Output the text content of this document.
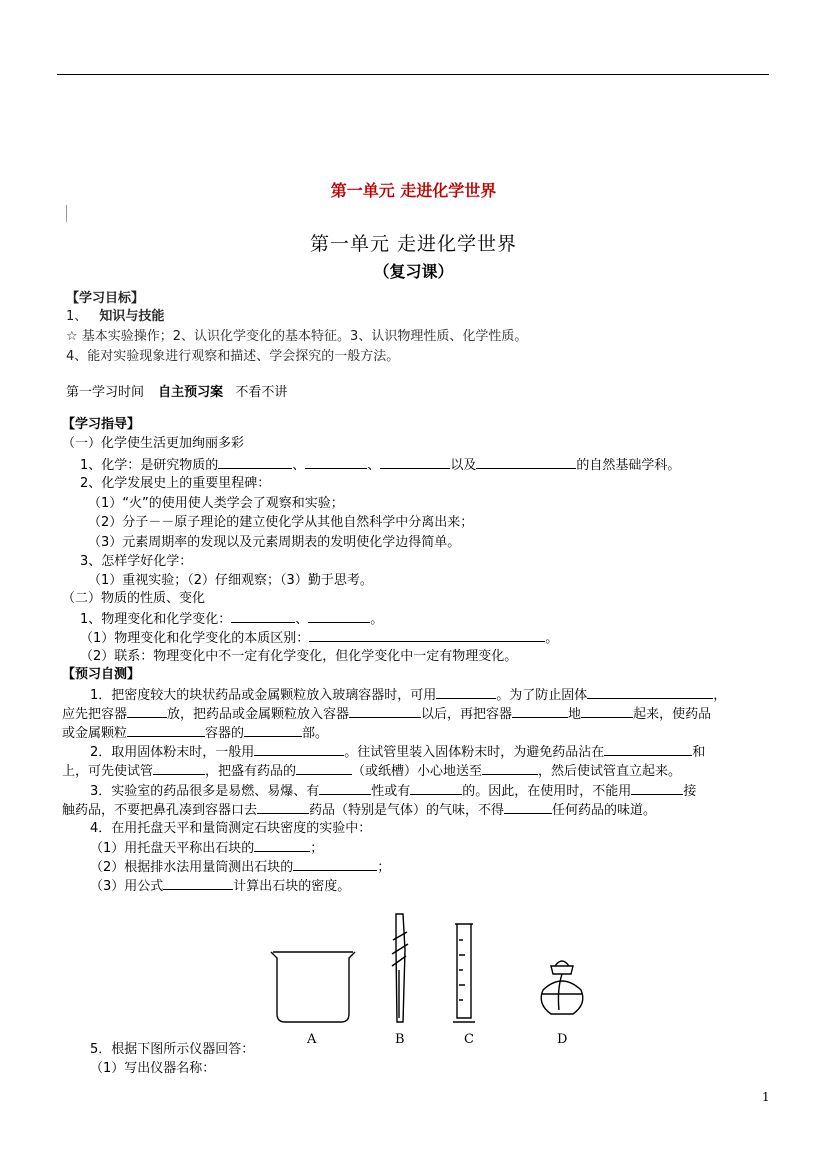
第一单元 走进化学世界
第一单元 走进化学世界
（复习课）
【学习目标】
1、 知识与技能
☆ 基本实验操作；2、认识化学变化的基本特征。3、认识物理性质、化学性质。
4、能对实验现象进行观察和描述、学会探究的一般方法。
第一学习时间 自主预习案 不看不讲
【学习指导】
（一）化学使生活更加绚丽多彩
1、化学：是研究物质的	、	、	以及	的自然基础学科。
2、化学发展史上的重要里程碑：
（1）“火”的使用使人类学会了观察和实验；
（2）分子－－原子理论的建立使化学从其他自然科学中分离出来；
（3）元素周期率的发现以及元素周期表的发明使化学边得简单。
3、怎样学好化学：
（1）重视实验；（2）仔细观察；（3）勤于思考。
（二）物质的性质、变化
1、物理变化和化学变化：	、	。
（1）物理变化和化学变化的本质区别：	。
（2）联系：物理变化中不一定有化学变化，但化学变化中一定有物理变化。
【预习自测】
1．把密度较大的块状药品或金属颗粒放入玻璃容器时，可用	。为了防止固体	，
应先把容器	放，把药品或金属颗粒放入容器	以后，再把容器	地	起来，使药品
或金属颗粒	容器的	部。
2．取用固体粉末时，一般用	。往试管里装入固体粉末时，为避免药品沾在	和
上，可先使试管	，把盛有药品的	（或纸槽）小心地送至	，然后使试管直立起来。
3．实验室的药品很多是易燃、易爆、有	性或有	的。因此，在使用时，不能用	接
触药品，不要把鼻孔凑到容器口去	药品（特别是气体）的气味，不得	任何药品的味道。
4．在用托盘天平和量筒测定石块密度的实验中：
（1）用托盘天平称出石块的	；
（2）根据排水法用量筒测出石块的	；
（3）用公式	计算出石块的密度。
A	B	C	D
5．根据下图所示仪器回答：
（1）写出仪器名称：
1
